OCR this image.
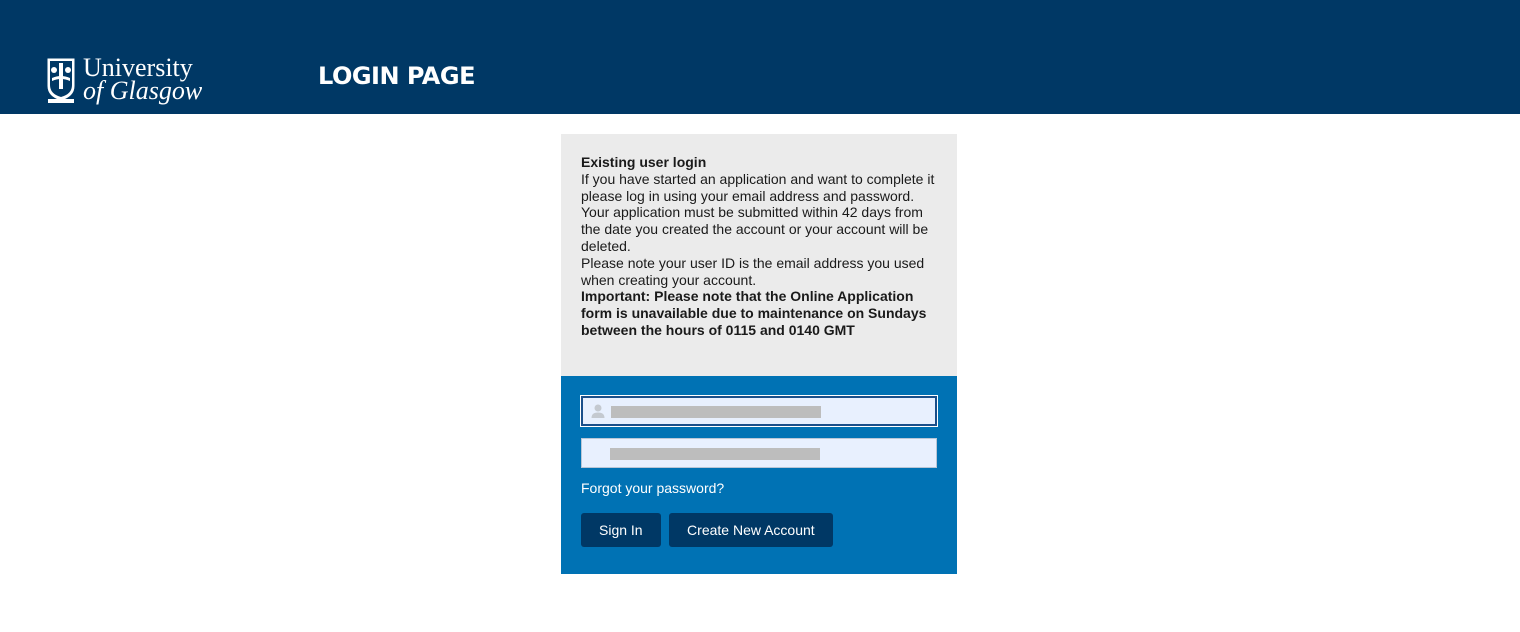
University
of Glasgow	LOGIN PAGE

Existing user login

If you have started an application and want to complete it please log in using your email address and password. Your application must be submitted within 42 days from the date you created the account or your account will be deleted.

Please note your user ID is the email address you used when creating your account.

Important: Please note that the Online Application form is unavailable due to maintenance on Sundays between the hours of 0115 and 0140 GMT

Forgot your password?
Sign In	Create New Account
